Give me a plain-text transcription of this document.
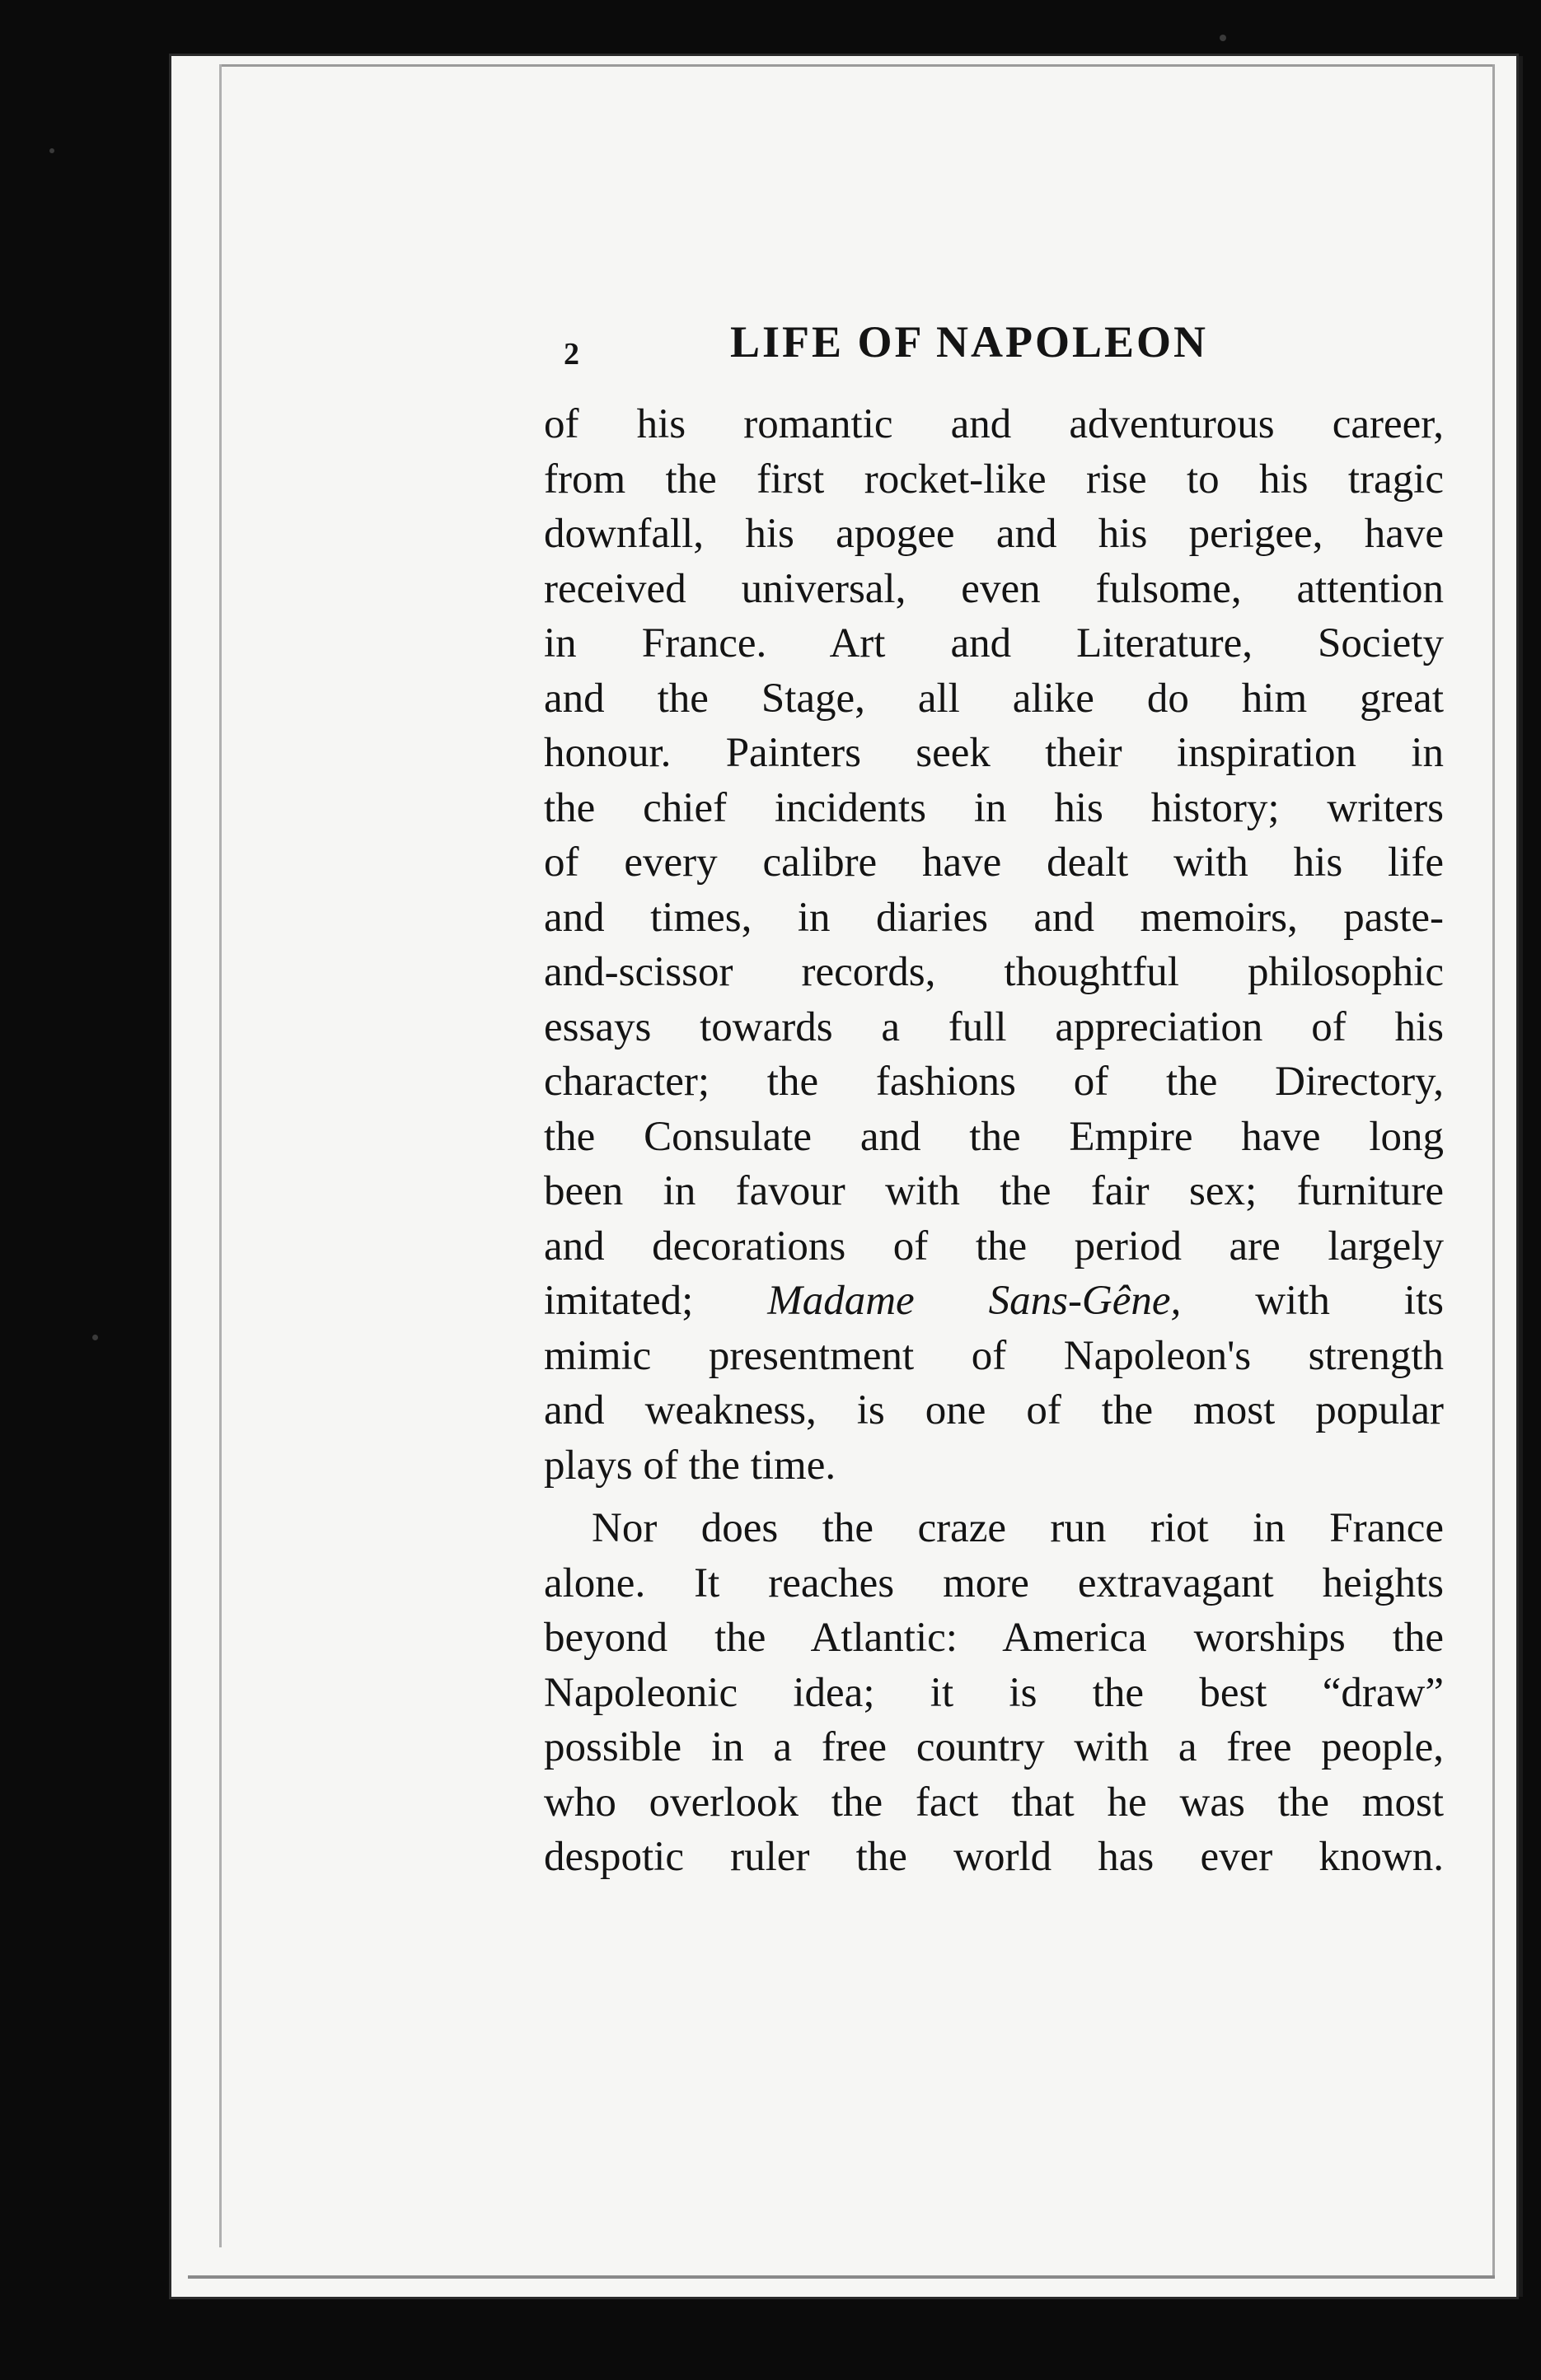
2	LIFE OF NAPOLEON
of his romantic and adventurous career,
from the first rocket-like rise to his tragic
downfall, his apogee and his perigee, have
received universal, even fulsome, attention
in France. Art and Literature, Society
and the Stage, all alike do him great
honour. Painters seek their inspiration in
the chief incidents in his history; writers
of every calibre have dealt with his life
and times, in diaries and memoirs, paste-
and-scissor records, thoughtful philosophic
essays towards a full appreciation of his
character; the fashions of the Directory,
the Consulate and the Empire have long
been in favour with the fair sex; furniture
and decorations of the period are largely
imitated; Madame Sans-Gêne, with its
mimic presentment of Napoleon's strength
and weakness, is one of the most popular
plays of the time.
Nor does the craze run riot in France
alone. It reaches more extravagant heights
beyond the Atlantic: America worships the
Napoleonic idea; it is the best “draw”
possible in a free country with a free people,
who overlook the fact that he was the most
despotic ruler the world has ever known.
